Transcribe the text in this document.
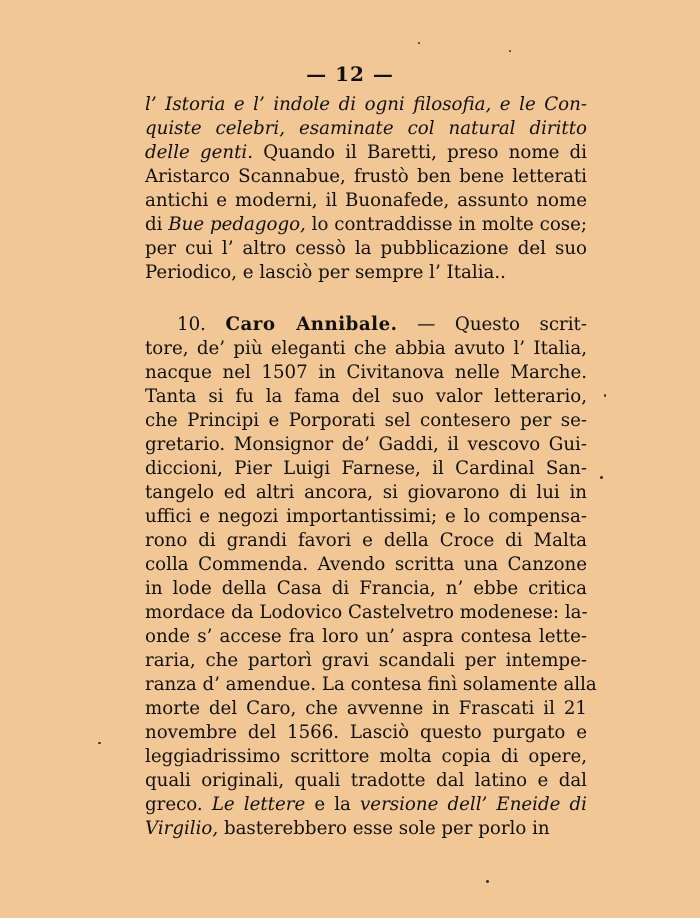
— 12 —
l’ Istoria e l’ indole di ogni filosofia, e le Con-
quiste celebri, esaminate col natural diritto
delle genti. Quando il Baretti, preso nome di
Aristarco Scannabue, frustò ben bene letterati
antichi e moderni, il Buonafede, assunto nome
di Bue pedagogo, lo contraddisse in molte cose;
per cui l’ altro cessò la pubblicazione del suo
Periodico, e lasciò per sempre l’ Italia..
10. Caro Annibale. — Questo scrit-
tore, de’ più eleganti che abbia avuto l’ Italia,
nacque nel 1507 in Civitanova nelle Marche.
Tanta si fu la fama del suo valor letterario,
che Principi e Porporati sel contesero per se-
gretario. Monsignor de’ Gaddi, il vescovo Gui-
diccioni, Pier Luigi Farnese, il Cardinal San-
tangelo ed altri ancora, si giovarono di lui in
uffici e negozi importantissimi; e lo compensa-
rono di grandi favori e della Croce di Malta
colla Commenda. Avendo scritta una Canzone
in lode della Casa di Francia, n’ ebbe critica
mordace da Lodovico Castelvetro modenese: la-
onde s’ accese fra loro un’ aspra contesa lette-
raria, che partorì gravi scandali per intempe-
ranza d’ amendue. La contesa finì solamente alla
morte del Caro, che avvenne in Frascati il 21
novembre del 1566. Lasciò questo purgato e
leggiadrissimo scrittore molta copia di opere,
quali originali, quali tradotte dal latino e dal
greco. Le lettere e la versione dell’ Eneide di
Virgilio, basterebbero esse sole per porlo in
